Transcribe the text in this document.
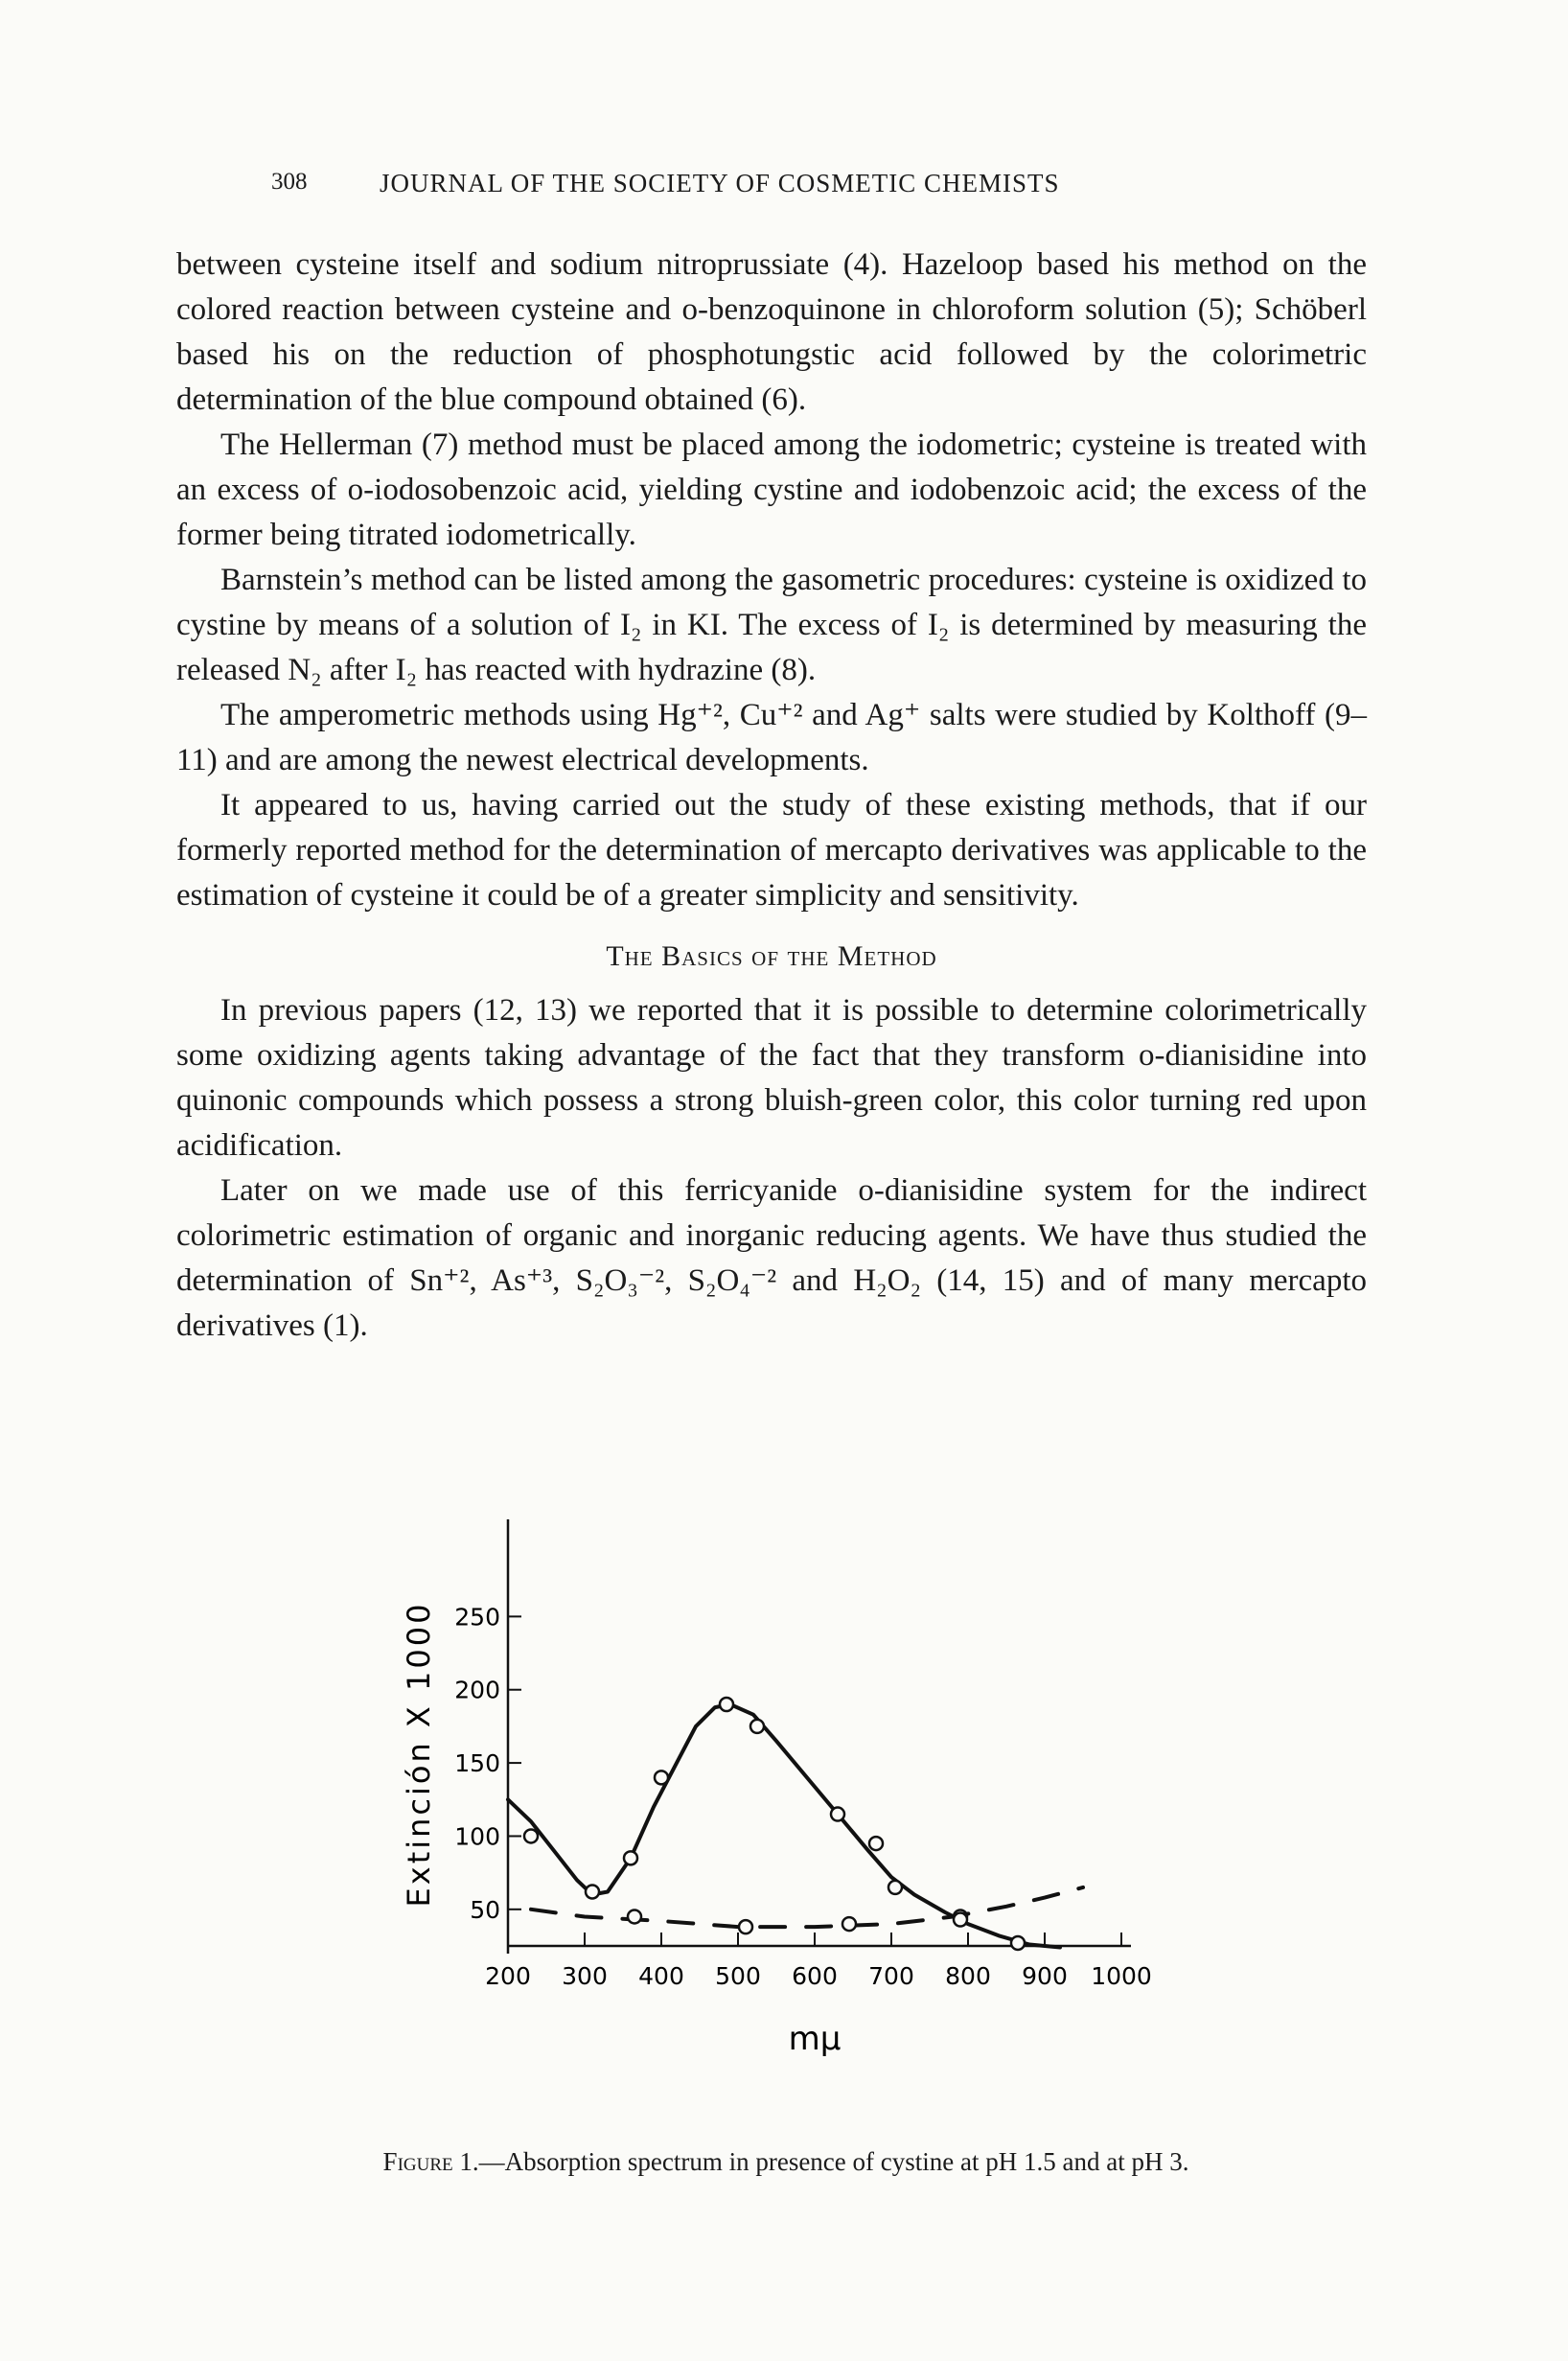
308	JOURNAL OF THE SOCIETY OF COSMETIC CHEMISTS

between cysteine itself and sodium nitroprussiate (4). Hazeloop based his method on the colored reaction between cysteine and o-benzoquinone in chloroform solution (5); Schöberl based his on the reduction of phosphotungstic acid followed by the colorimetric determination of the blue compound obtained (6).

The Hellerman (7) method must be placed among the iodometric; cysteine is treated with an excess of o-iodosobenzoic acid, yielding cystine and iodobenzoic acid; the excess of the former being titrated iodometrically.

Barnstein’s method can be listed among the gasometric procedures: cysteine is oxidized to cystine by means of a solution of I₂ in KI. The excess of I₂ is determined by measuring the released N₂ after I₂ has reacted with hydrazine (8).

The amperometric methods using Hg⁺², Cu⁺² and Ag⁺ salts were studied by Kolthoff (9–11) and are among the newest electrical developments.

It appeared to us, having carried out the study of these existing methods, that if our formerly reported method for the determination of mercapto derivatives was applicable to the estimation of cysteine it could be of a greater simplicity and sensitivity.

The Basics of the Method

In previous papers (12, 13) we reported that it is possible to determine colorimetrically some oxidizing agents taking advantage of the fact that they transform o-dianisidine into quinonic compounds which possess a strong bluish-green color, this color turning red upon acidification.

Later on we made use of this ferricyanide o-dianisidine system for the indirect colorimetric estimation of organic and inorganic reducing agents. We have thus studied the determination of Sn⁺², As⁺³, S₂O₃⁻², S₂O₄⁻² and H₂O₂ (14, 15) and of many mercapto derivatives (1).

200 300 400 500 600 700 800 900 1000
50
100
150
200
250
Extinción X 1000
mμ
Figure 1.—Absorption spectrum in presence of cystine at pH 1.5 and at pH 3.
